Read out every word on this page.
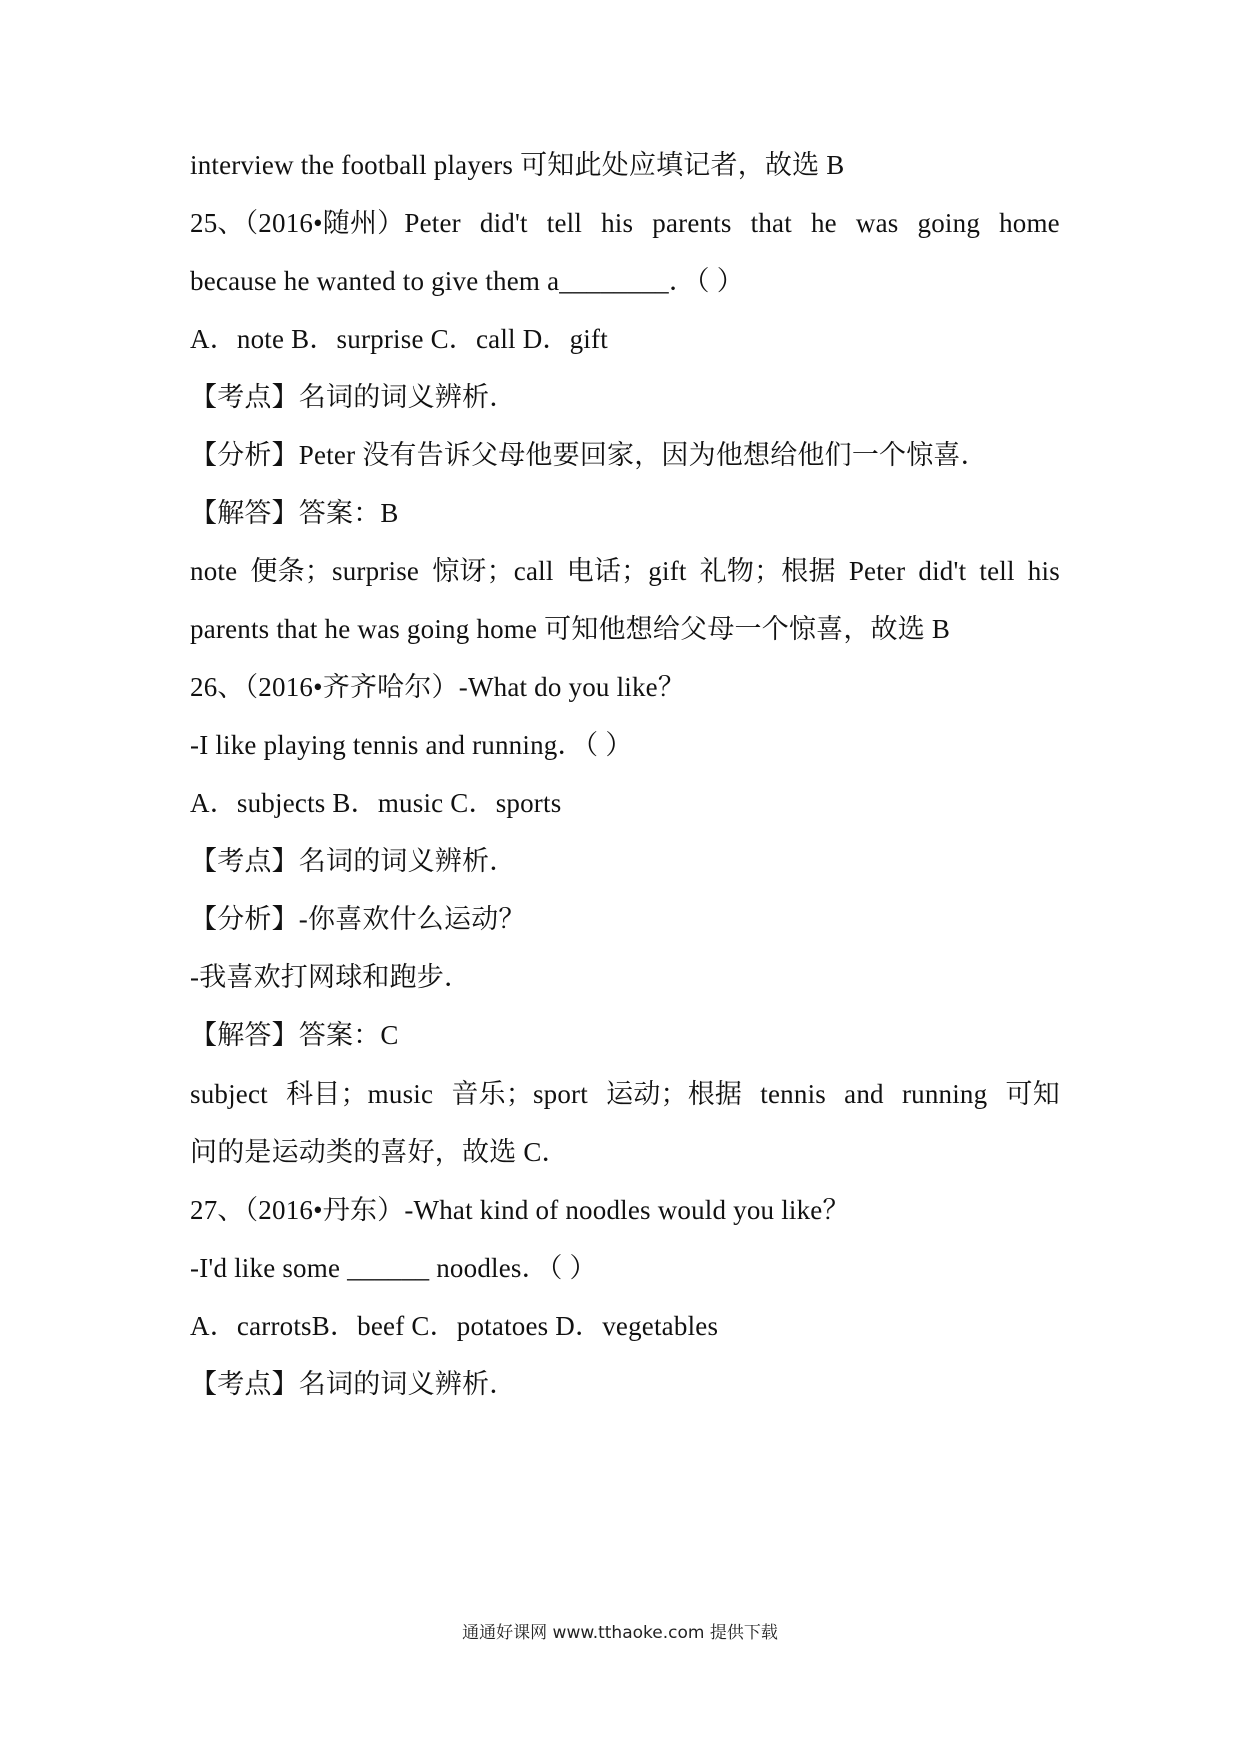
interview the football players 可知此处应填记者，故选 B
25、（2016•随州）Peter did't tell his parents that he was going home
because he wanted to give them a________．（ ）
A．note B．surprise C．call D．gift
【考点】名词的词义辨析．
【分析】Peter 没有告诉父母他要回家，因为他想给他们一个惊喜．
【解答】答案：B
note 便条；surprise 惊讶；call 电话；gift 礼物；根据 Peter did't tell his
parents that he was going home 可知他想给父母一个惊喜，故选 B
26、（2016•齐齐哈尔）-What do you like？
-I like playing tennis and running．（ ）
A．subjects B．music C．sports
【考点】名词的词义辨析．
【分析】-你喜欢什么运动？
-我喜欢打网球和跑步．
【解答】答案：C
subject 科目；music 音乐；sport 运动；根据 tennis and running 可知
问的是运动类的喜好，故选 C．
27、（2016•丹东）-What kind of noodles would you like？
-I'd like some ______ noodles．（ ）
A．carrotsB．beef C．potatoes D．vegetables
【考点】名词的词义辨析．
通通好课网 www.tthaoke.com 提供下载
